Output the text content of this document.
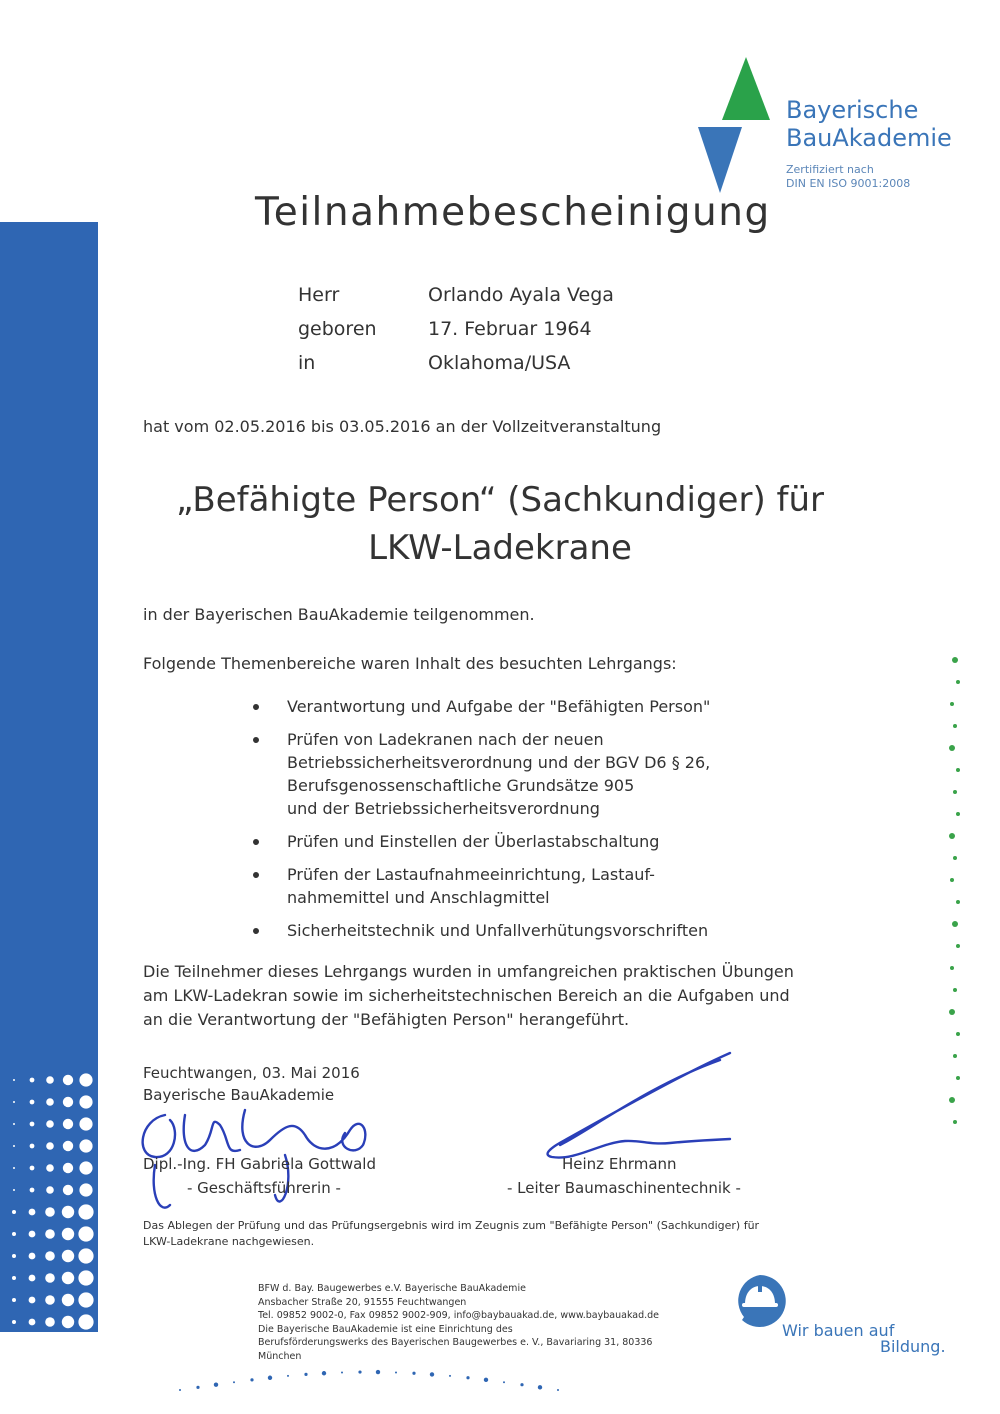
Bayerische
BauAkademie
Zertifiziert nach
DIN EN ISO 9001:2008
Teilnahmebescheinigung
Herr	Orlando Ayala Vega
geboren	17. Februar 1964
in	Oklahoma/USA
hat vom 02.05.2016 bis 03.05.2016 an der Vollzeitveranstaltung
„Befähigte Person“ (Sachkundiger) für
LKW-Ladekrane
in der Bayerischen BauAkademie teilgenommen.
Folgende Themenbereiche waren Inhalt des besuchten Lehrgangs:
Verantwortung und Aufgabe der "Befähigten Person"
Prüfen von Ladekranen nach der neuen
Betriebssicherheitsverordnung und der BGV D6 § 26,
Berufsgenossenschaftliche Grundsätze 905
und der Betriebssicherheitsverordnung
Prüfen und Einstellen der Überlastabschaltung
Prüfen der Lastaufnahmeeinrichtung, Lastauf-
nahmemittel und Anschlagmittel
Sicherheitstechnik und Unfallverhütungsvorschriften
Die Teilnehmer dieses Lehrgangs wurden in umfangreichen praktischen Übungen
am LKW-Ladekran sowie im sicherheitstechnischen Bereich an die Aufgaben und
an die Verantwortung der "Befähigten Person" herangeführt.
Feuchtwangen, 03. Mai 2016
Bayerische BauAkademie
Dipl.-Ing. FH Gabriela Gottwald
- Geschäftsführerin -
Heinz Ehrmann
- Leiter Baumaschinentechnik -
Das Ablegen der Prüfung und das Prüfungsergebnis wird im Zeugnis zum "Befähigte Person" (Sachkundiger) für
LKW-Ladekrane nachgewiesen.
BFW d. Bay. Baugewerbes e.V. Bayerische BauAkademie
Ansbacher Straße 20, 91555 Feuchtwangen
Tel. 09852 9002-0, Fax 09852 9002-909, info@baybauakad.de, www.baybauakad.de
Die Bayerische BauAkademie ist eine Einrichtung des
Berufsförderungswerks des Bayerischen Baugewerbes e. V., Bavariaring 31, 80336 München
Wir bauen auf
Bildung.
